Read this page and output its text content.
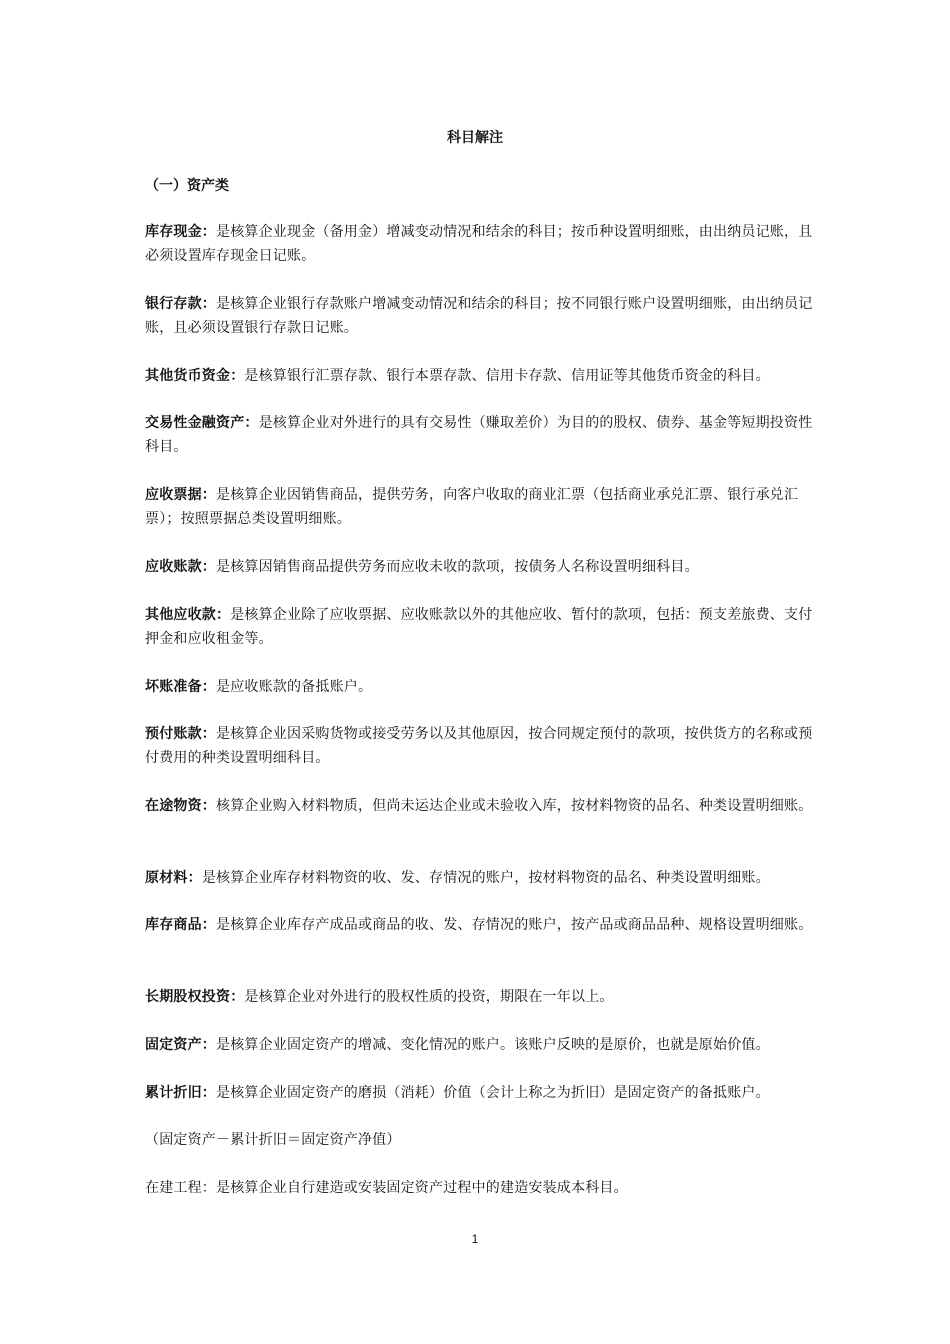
科目解注
（一）资产类
库存现金：是核算企业现金（备用金）增减变动情况和结余的科目；按币种设置明细账，由出纳员记账，且必须设置库存现金日记账。
银行存款：是核算企业银行存款账户增减变动情况和结余的科目；按不同银行账户设置明细账，由出纳员记账，且必须设置银行存款日记账。
其他货币资金：是核算银行汇票存款、银行本票存款、信用卡存款、信用证等其他货币资金的科目。
交易性金融资产：是核算企业对外进行的具有交易性（赚取差价）为目的的股权、债券、基金等短期投资性科目。
应收票据：是核算企业因销售商品，提供劳务，向客户收取的商业汇票（包括商业承兑汇票、银行承兑汇票）；按照票据总类设置明细账。
应收账款：是核算因销售商品提供劳务而应收未收的款项，按债务人名称设置明细科目。
其他应收款：是核算企业除了应收票据、应收账款以外的其他应收、暂付的款项，包括：预支差旅费、支付押金和应收租金等。
坏账准备：是应收账款的备抵账户。
预付账款：是核算企业因采购货物或接受劳务以及其他原因，按合同规定预付的款项，按供货方的名称或预付费用的种类设置明细科目。
在途物资：核算企业购入材料物质，但尚未运达企业或未验收入库，按材料物资的品名、种类设置明细账。
原材料：是核算企业库存材料物资的收、发、存情况的账户，按材料物资的品名、种类设置明细账。
库存商品：是核算企业库存产成品或商品的收、发、存情况的账户，按产品或商品品种、规格设置明细账。
长期股权投资：是核算企业对外进行的股权性质的投资，期限在一年以上。
固定资产：是核算企业固定资产的增减、变化情况的账户。该账户反映的是原价，也就是原始价值。
累计折旧：是核算企业固定资产的磨损（消耗）价值（会计上称之为折旧）是固定资产的备抵账户。
（固定资产－累计折旧＝固定资产净值）
在建工程：是核算企业自行建造或安装固定资产过程中的建造安装成本科目。
1
